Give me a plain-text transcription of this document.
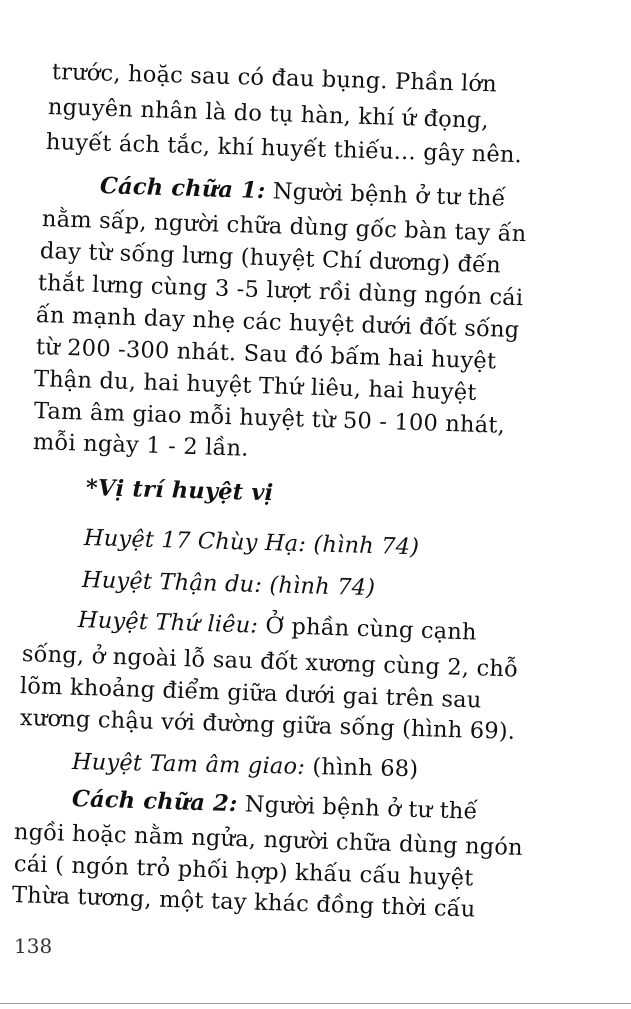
trước, hoặc sau có đau bụng. Phần lớn
nguyên nhân là do tụ hàn, khí ứ đọng,
huyết ách tắc, khí huyết thiếu... gây nên.
Cách chữa 1: Người bệnh ở tư thế
nằm sấp, người chữa dùng gốc bàn tay ấn
day từ sống lưng (huyệt Chí dương) đến
thắt lưng cùng 3 -5 lượt rồi dùng ngón cái
ấn mạnh day nhẹ các huyệt dưới đốt sống
từ 200 -300 nhát. Sau đó bấm hai huyệt
Thận du, hai huyệt Thứ liêu, hai huyệt
Tam âm giao mỗi huyệt từ 50 - 100 nhát,
mỗi ngày 1 - 2 lần.
*Vị trí huyệt vị
Huyệt 17 Chùy Hạ: (hình 74)
Huyệt Thận du: (hình 74)
Huyệt Thứ liêu: Ở phần cùng cạnh
sống, ở ngoài lỗ sau đốt xương cùng 2, chỗ
lõm khoảng điểm giữa dưới gai trên sau
xương chậu với đường giữa sống (hình 69).
Huyệt Tam âm giao: (hình 68)
Cách chữa 2: Người bệnh ở tư thế
ngồi hoặc nằm ngửa, người chữa dùng ngón
cái ( ngón trỏ phối hợp) khấu cấu huyệt
Thừa tương, một tay khác đồng thời cấu
138
